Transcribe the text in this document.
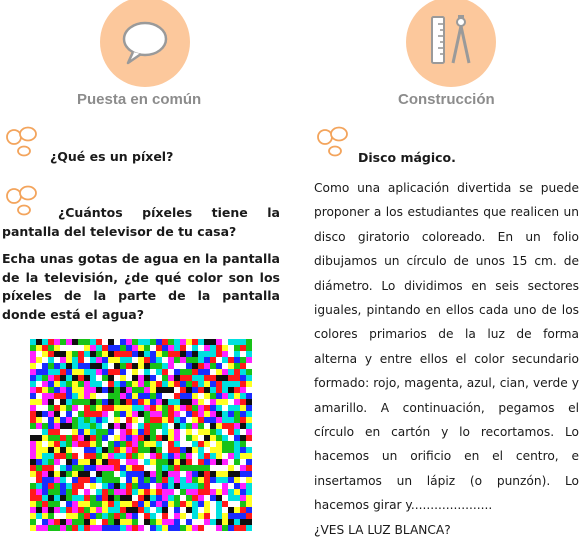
Puesta en común
¿Qué es un píxel?
¿Cuántos píxeles tiene la pantalla del televisor de tu casa?
Echa unas gotas de agua en la pantalla de la televisión, ¿de qué color son los píxeles de la parte de la pantalla donde está el agua?
Construcción
Disco mágico.
Como una aplicación divertida se puede proponer a los estudiantes que realicen un disco giratorio coloreado. En un folio dibujamos un círculo de unos 15 cm. de diámetro. Lo dividimos en seis sectores iguales, pintando en ellos cada uno de los colores primarios de la luz de forma alterna y entre ellos el color secundario formado: rojo, magenta, azul, cian, verde y amarillo. A continuación, pegamos el círculo en cartón y lo recortamos. Lo hacemos un orificio en el centro, e insertamos un lápiz (o punzón). Lo hacemos girar y.....................
¿VES LA LUZ BLANCA?
